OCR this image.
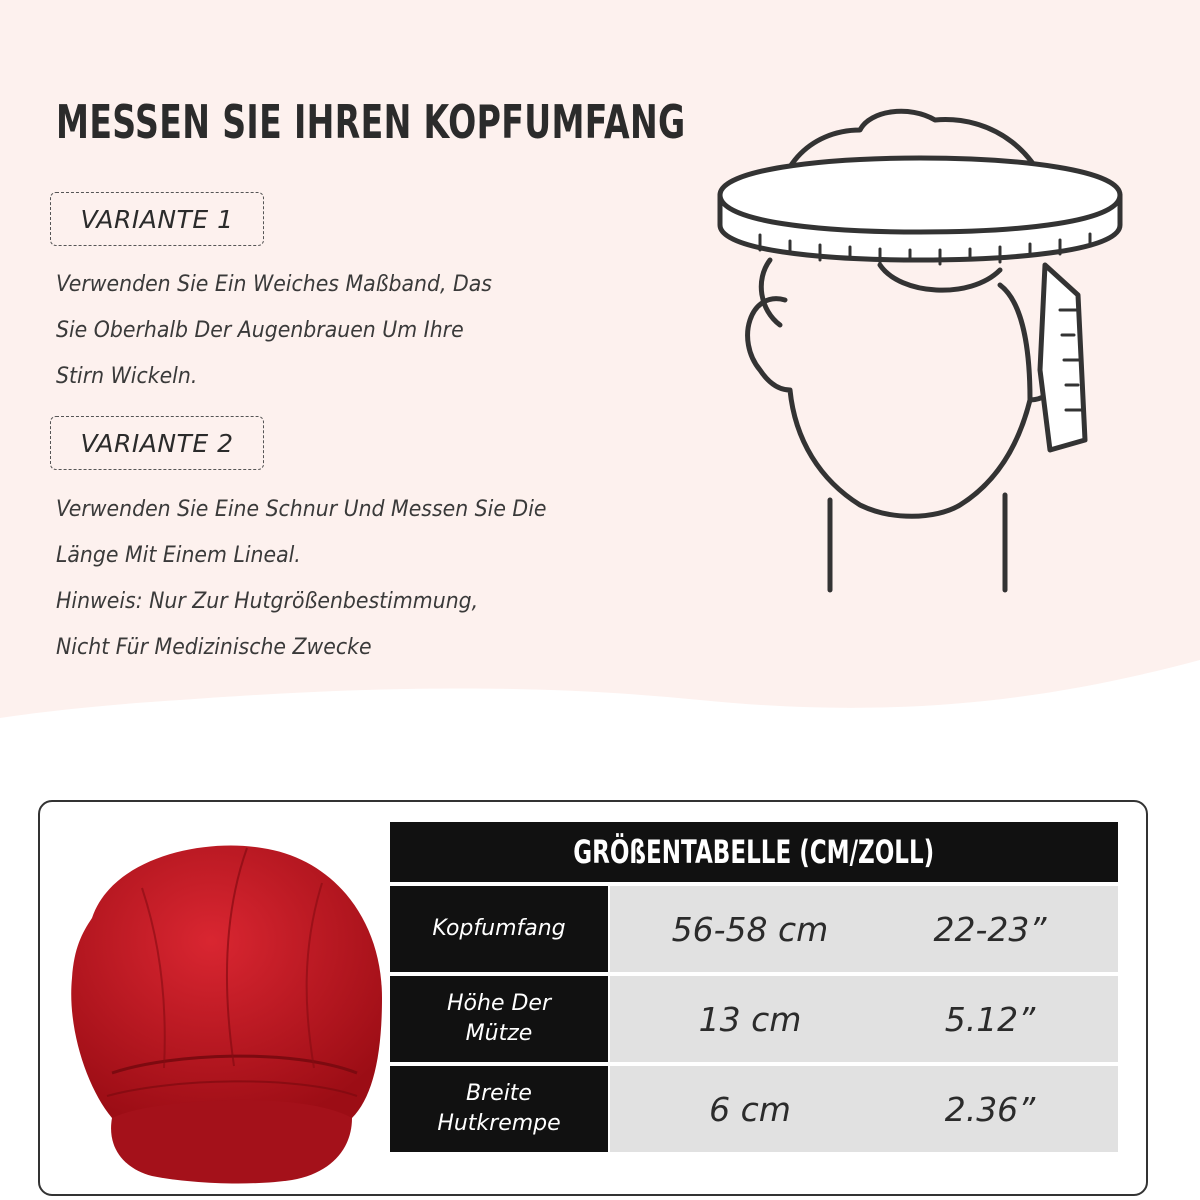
MESSEN SIE IHREN KOPFUMFANG
VARIANTE 1

Verwenden Sie Ein Weiches Maßband, Das
Sie Oberhalb Der Augenbrauen Um Ihre
Stirn Wickeln.

VARIANTE 2

Verwenden Sie Eine Schnur Und Messen Sie Die
Länge Mit Einem Lineal.
Hinweis: Nur Zur Hutgrößenbestimmung,
Nicht Für Medizinische Zwecke

GRÖßENTABELLE (CM/ZOLL)
Kopfumfang	56-58 cm	22-23”
Höhe Der
Mütze	13 cm	5.12”
Breite
Hutkrempe	6 cm	2.36”
